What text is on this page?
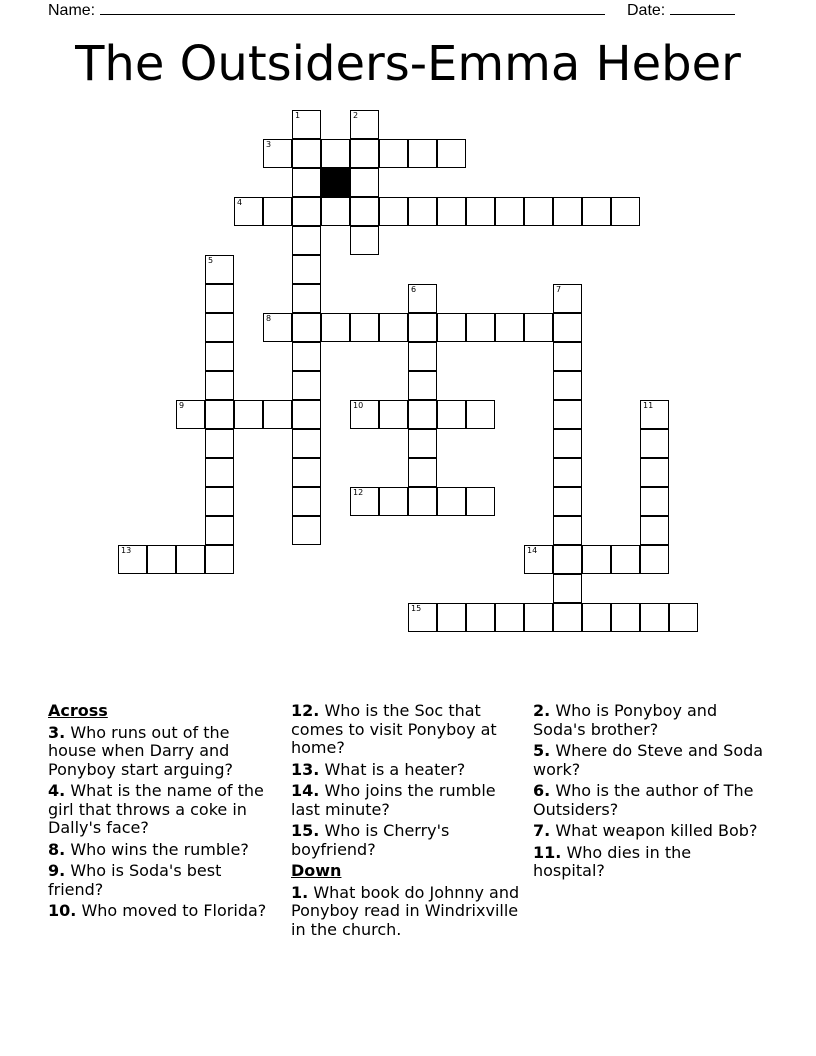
Name:	Date:
The Outsiders-Emma Heber
1	2
3
4
5
6	7
8
9	10	11
12
13	14
15
Across
3. Who runs out of the house when Darry and Ponyboy start arguing?
4. What is the name of the girl that throws a coke in Dally's face?
8. Who wins the rumble?
9. Who is Soda's best friend?
10. Who moved to Florida?
12. Who is the Soc that comes to visit Ponyboy at home?
13. What is a heater?
14. Who joins the rumble last minute?
15. Who is Cherry's boyfriend?
Down
1. What book do Johnny and Ponyboy read in Windrixville in the church.
2. Who is Ponyboy and Soda's brother?
5. Where do Steve and Soda work?
6. Who is the author of The Outsiders?
7. What weapon killed Bob?
11. Who dies in the hospital?
